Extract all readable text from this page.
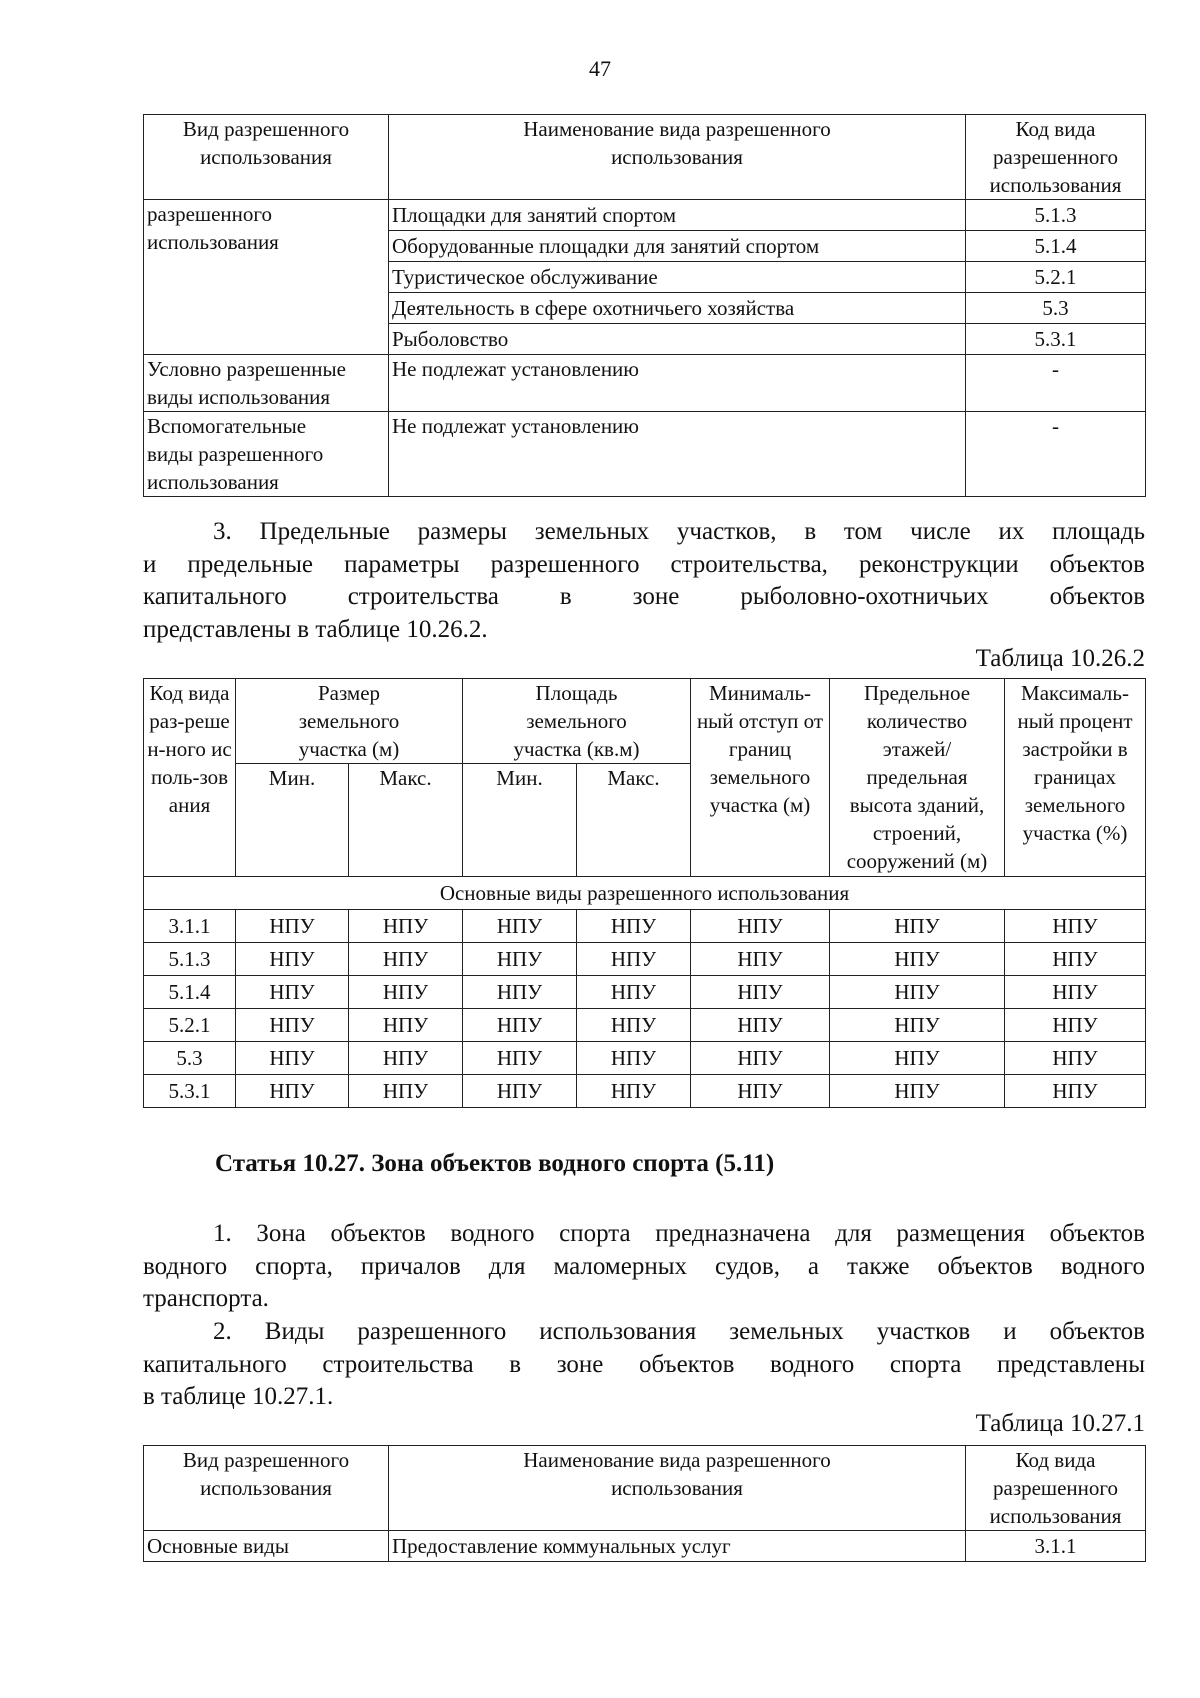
47
Вид разрешенного использования	Наименование вида разрешенного использования	Код вида разрешенного использования
разрешенного использования	Площадки для занятий спортом	5.1.3
	Оборудованные площадки для занятий спортом	5.1.4
	Туристическое обслуживание	5.2.1
	Деятельность в сфере охотничьего хозяйства	5.3
	Рыболовство	5.3.1
Условно разрешенные виды использования	Не подлежат установлению	-
Вспомогательные виды разрешенного использования	Не подлежат установлению	-
3. Предельные размеры земельных участков, в том числе их площадь
и предельные параметры разрешенного строительства, реконструкции объектов
капитального строительства в зоне рыболовно-охотничьих объектов
представлены в таблице 10.26.2.
Таблица 10.26.2
Код вида раз-решен-ного исполь-зования	Размер земельного участка (м)		Площадь земельного участка (кв.м)		Минималь-ный отступ от границ земельного участка (м)	Предельное количество этажей/ предельная высота зданий, строений, сооружений (м)	Максималь-ный процент застройки в границах земельного участка (%)
	Мин.	Макс.	Мин.	Макс.			
Основные виды разрешенного использования							
3.1.1	НПУ	НПУ	НПУ	НПУ	НПУ	НПУ	НПУ
5.1.3	НПУ	НПУ	НПУ	НПУ	НПУ	НПУ	НПУ
5.1.4	НПУ	НПУ	НПУ	НПУ	НПУ	НПУ	НПУ
5.2.1	НПУ	НПУ	НПУ	НПУ	НПУ	НПУ	НПУ
5.3	НПУ	НПУ	НПУ	НПУ	НПУ	НПУ	НПУ
5.3.1	НПУ	НПУ	НПУ	НПУ	НПУ	НПУ	НПУ
Статья 10.27. Зона объектов водного спорта (5.11)
1. Зона объектов водного спорта предназначена для размещения объектов
водного спорта, причалов для маломерных судов, а также объектов водного
транспорта.
2. Виды разрешенного использования земельных участков и объектов
капитального строительства в зоне объектов водного спорта представлены
в таблице 10.27.1.
Таблица 10.27.1
Вид разрешенного использования	Наименование вида разрешенного использования	Код вида разрешенного использования
Основные виды	Предоставление коммунальных услуг	3.1.1
